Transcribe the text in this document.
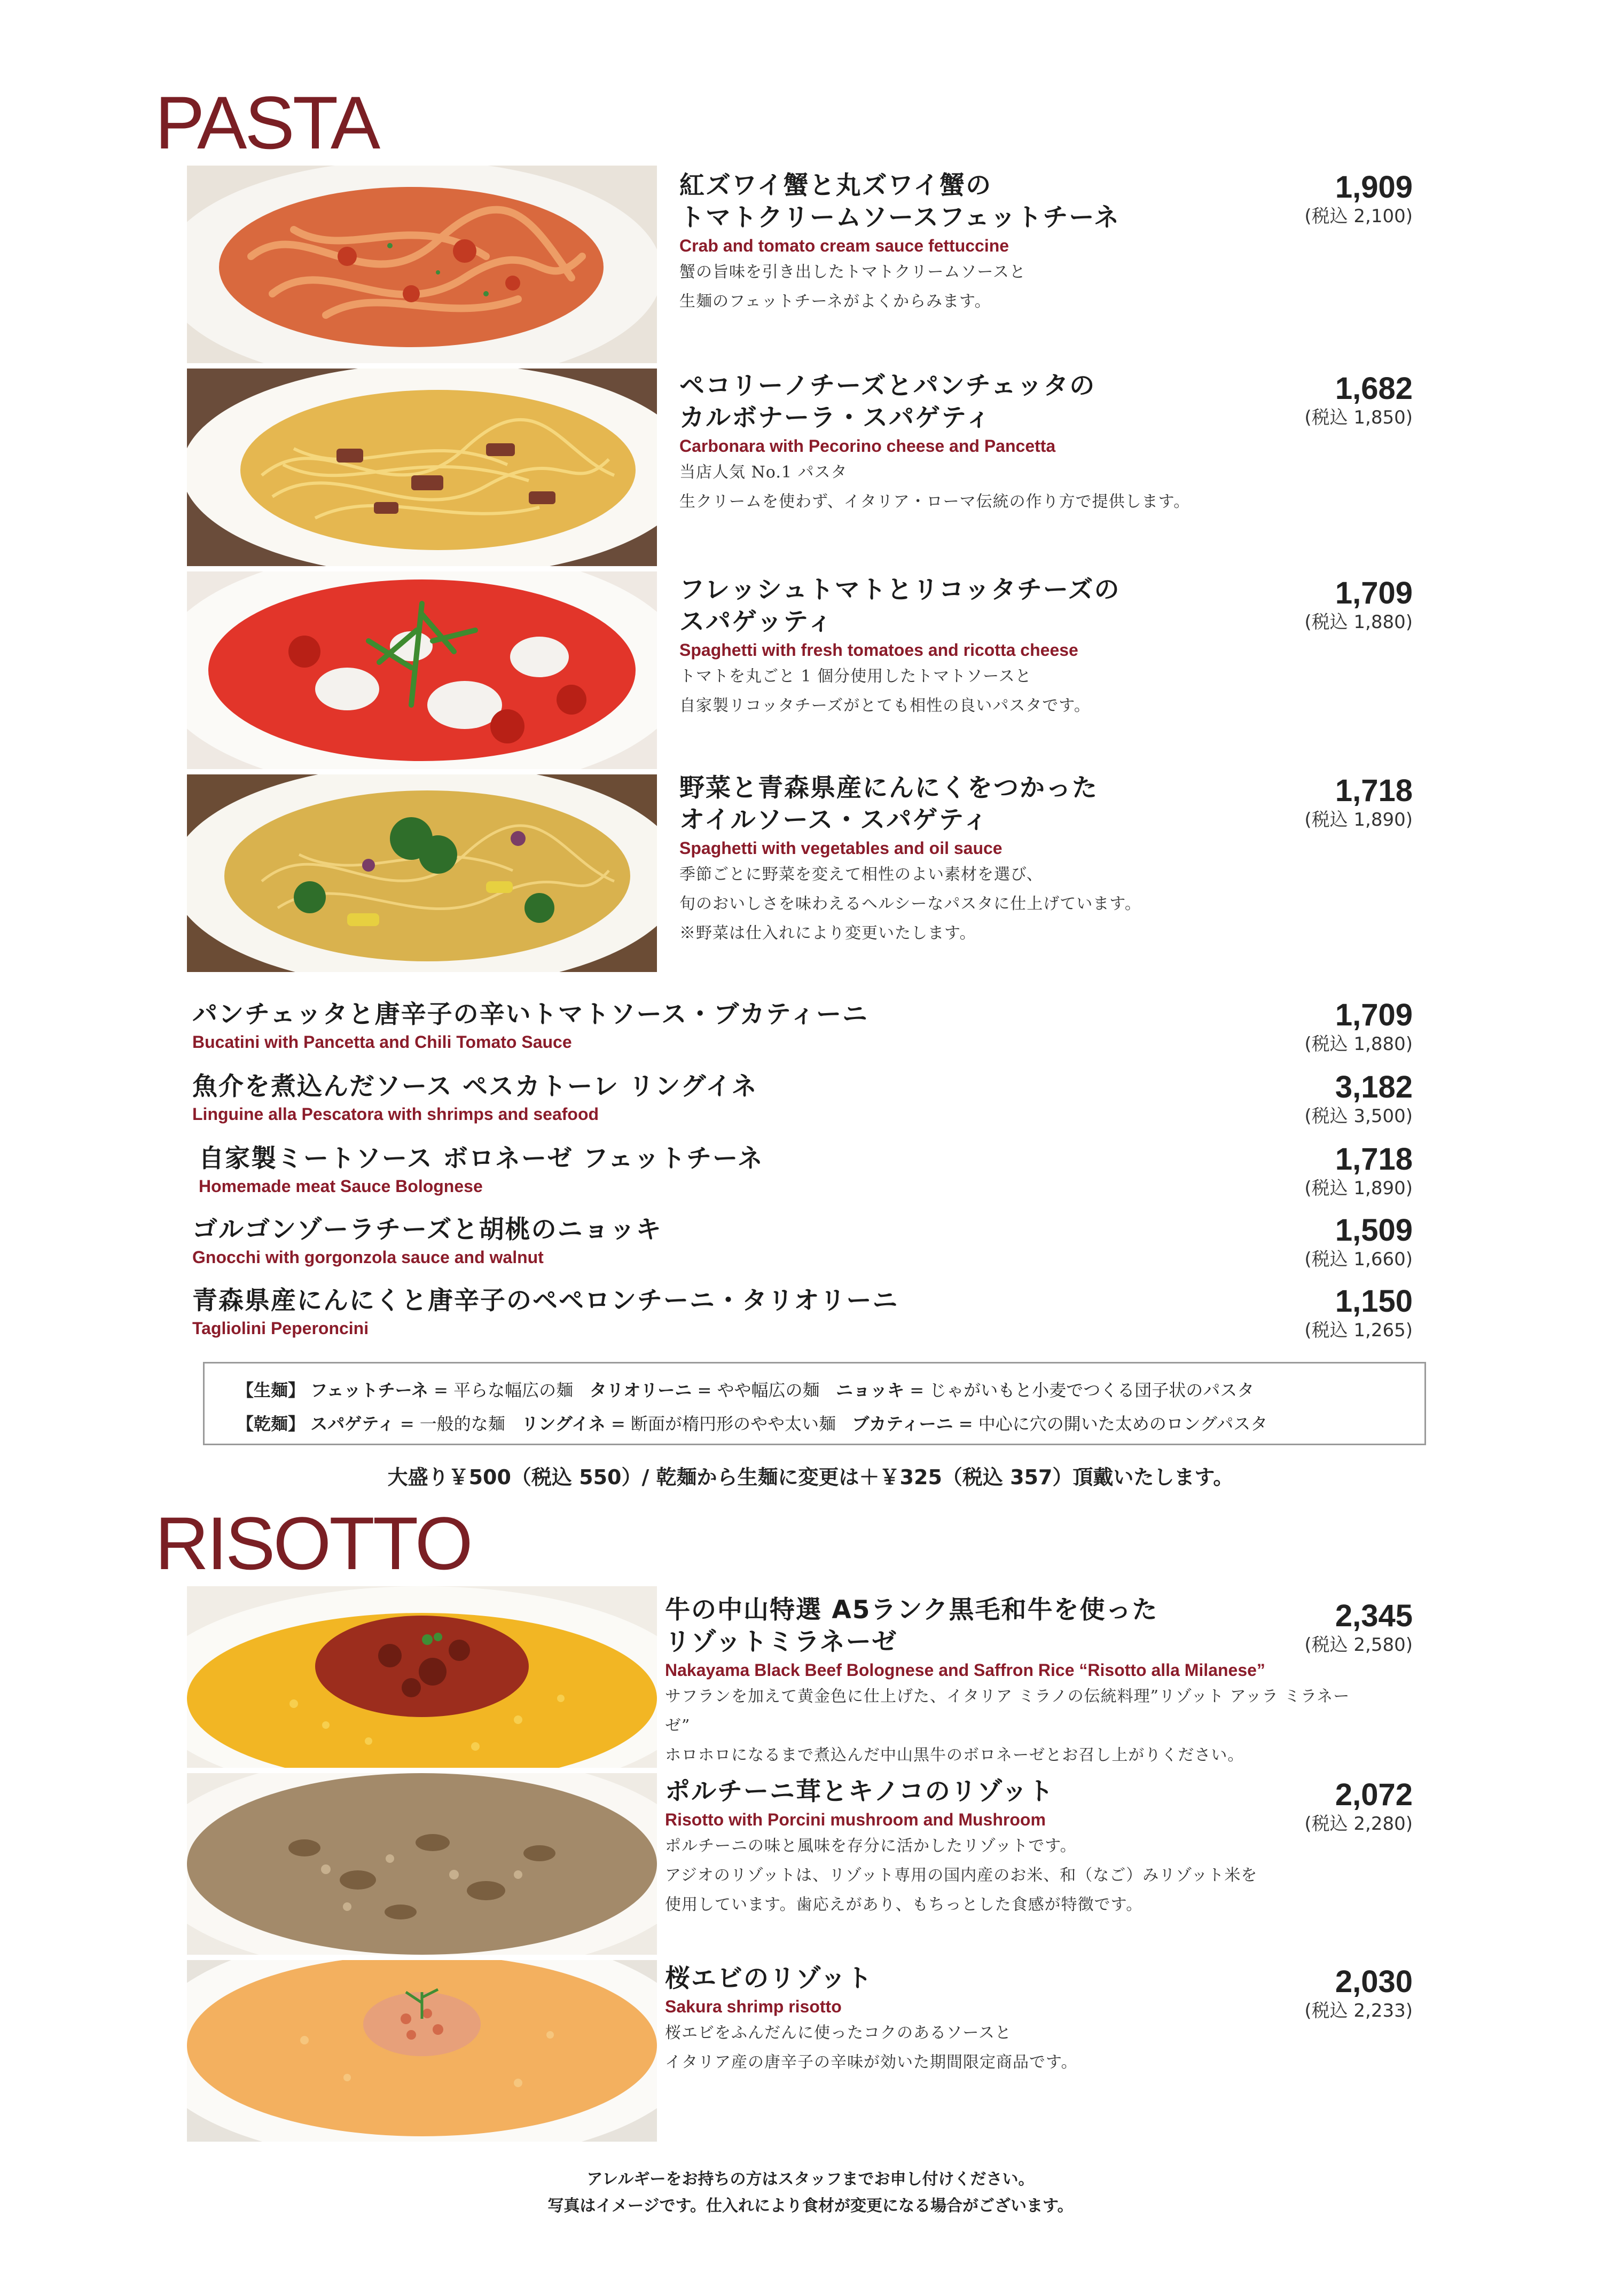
PASTA

紅ズワイ蟹と丸ズワイ蟹の

トマトクリームソースフェットチーネ

Crab and tomato cream sauce fettuccine

蟹の旨味を引き出したトマトクリームソースと

生麺のフェットチーネがよくからみます。

1,909
(税込 2,100)

ペコリーノチーズとパンチェッタの

カルボナーラ・スパゲティ

Carbonara with Pecorino cheese and Pancetta

当店人気 No.1 パスタ

生クリームを使わず、イタリア・ローマ伝統の作り方で提供します。

1,682
(税込 1,850)

フレッシュトマトとリコッタチーズの

スパゲッティ

Spaghetti with fresh tomatoes and ricotta cheese

トマトを丸ごと 1 個分使用したトマトソースと

自家製リコッタチーズがとても相性の良いパスタです。

1,709
(税込 1,880)

野菜と青森県産にんにくをつかった

オイルソース・スパゲティ

Spaghetti with vegetables and oil sauce

季節ごとに野菜を変えて相性のよい素材を選び、

旬のおいしさを味わえるヘルシーなパスタに仕上げています。

※野菜は仕入れにより変更いたします。

1,718
(税込 1,890)
パンチェッタと唐辛子の辛いトマトソース・ブカティーニ
Bucatini with Pancetta and Chili Tomato Sauce
1,709
(税込 1,880)
魚介を煮込んだソース ペスカトーレ リングイネ
Linguine alla Pescatora with shrimps and seafood
3,182
(税込 3,500)
自家製ミートソース ボロネーゼ フェットチーネ
Homemade meat Sauce Bolognese
1,718
(税込 1,890)
ゴルゴンゾーラチーズと胡桃のニョッキ
Gnocchi with gorgonzola sauce and walnut
1,509
(税込 1,660)
青森県産にんにくと唐辛子のペペロンチーニ・タリオリーニ
Tagliolini Peperoncini
1,150
(税込 1,265)
【生麺】 フェットチーネ = 平らな幅広の麺 タリオリーニ = やや幅広の麺 ニョッキ = じゃがいもと小麦でつくる団子状のパスタ
【乾麺】 スパゲティ = 一般的な麺 リングイネ = 断面が楕円形のやや太い麺 ブカティーニ = 中心に穴の開いた太めのロングパスタ
大盛り￥500（税込 550）/ 乾麺から生麺に変更は＋￥325（税込 357）頂戴いたします。
RISOTTO

牛の中山特選 A5ランク黒毛和牛を使った

リゾットミラネーゼ

Nakayama Black Beef Bolognese and Saffron Rice “Risotto alla Milanese”

サフランを加えて黄金色に仕上げた、イタリア ミラノの伝統料理”リゾット アッラ ミラネーゼ”

ホロホロになるまで煮込んだ中山黒牛のボロネーゼとお召し上がりください。

2,345
(税込 2,580)

ポルチーニ茸とキノコのリゾット

Risotto with Porcini mushroom and Mushroom

ポルチーニの味と風味を存分に活かしたリゾットです。

アジオのリゾットは、リゾット専用の国内産のお米、和（なご）みリゾット米を

使用しています。歯応えがあり、もちっとした食感が特徴です。

2,072
(税込 2,280)

桜エビのリゾット

Sakura shrimp risotto

桜エビをふんだんに使ったコクのあるソースと

イタリア産の唐辛子の辛味が効いた期間限定商品です。

2,030
(税込 2,233)
アレルギーをお持ちの方はスタッフまでお申し付けください。
写真はイメージです。仕入れにより食材が変更になる場合がございます。
